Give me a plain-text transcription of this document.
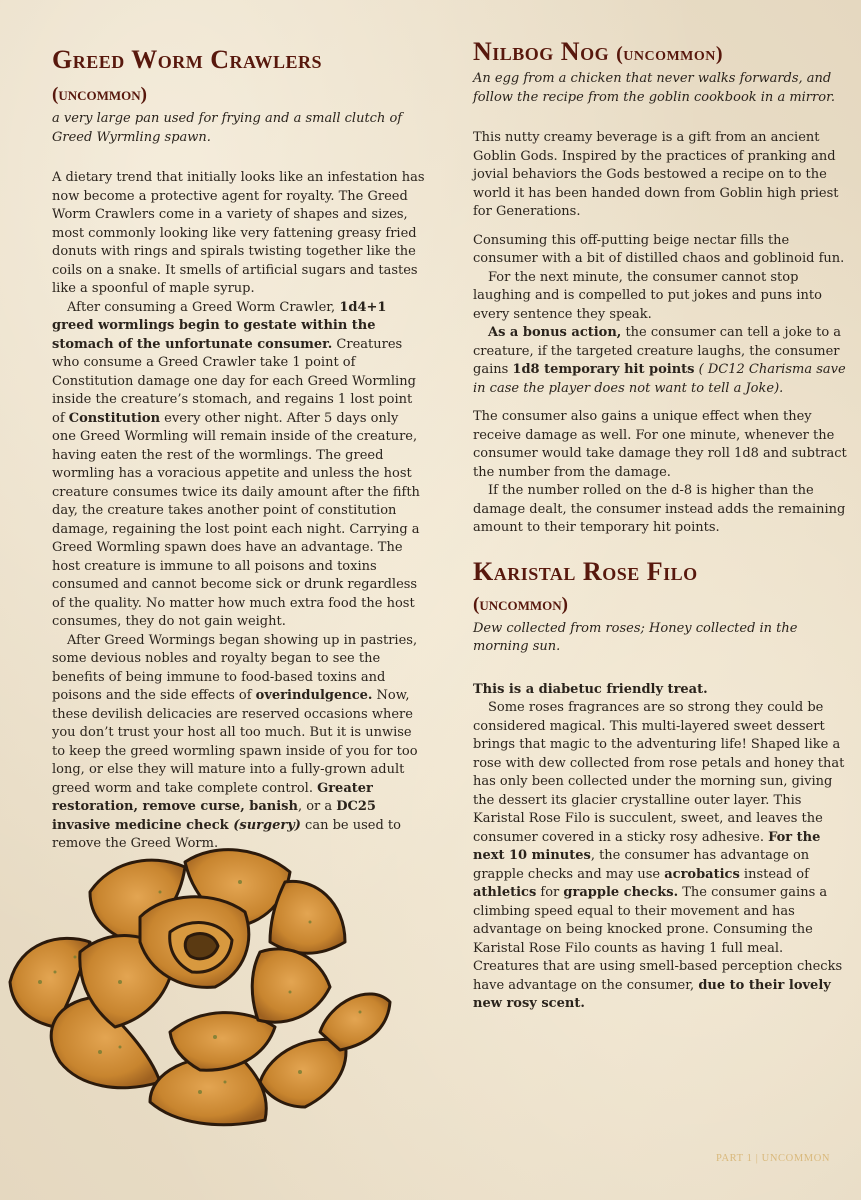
Greed Worm Crawlers
(uncommon)

a very large pan used for frying and a small clutch of Greed Wyrmling spawn.

A dietary trend that initially looks like an infestation has now become a protective agent for royalty. The Greed Worm Crawlers come in a variety of shapes and sizes, most commonly looking like very fattening greasy fried donuts with rings and spirals twisting together like the coils on a snake. It smells of artificial sugars and tastes like a spoonful of maple syrup.

After consuming a Greed Worm Crawler, 1d4+1 greed wormlings begin to gestate within the stomach of the unfortunate consumer. Creatures who consume a Greed Crawler take 1 point of Constitution damage one day for each Greed Wormling inside the creature’s stomach, and regains 1 lost point of Constitution every other night. After 5 days only one Greed Wormling will remain inside of the creature, having eaten the rest of the wormlings. The greed wormling has a voracious appetite and unless the host creature consumes twice its daily amount after the fifth day, the creature takes another point of constitution damage, regaining the lost point each night. Carrying a Greed Wormling spawn does have an advantage. The host creature is immune to all poisons and toxins consumed and cannot become sick or drunk regardless of the quality. No matter how much extra food the host consumes, they do not gain weight.

After Greed Wormings began showing up in pastries, some devious nobles and royalty began to see the benefits of being immune to food-based toxins and poisons and the side effects of overindulgence. Now, these devilish delicacies are reserved occasions where you don’t trust your host all too much. But it is unwise to keep the greed wormling spawn inside of you for too long, or else they will mature into a fully-grown adult greed worm and take complete control. Greater restoration, remove curse, banish, or a DC25 invasive medicine check (surgery) can be used to remove the Greed Worm.

Nilbog Nog (uncommon)

An egg from a chicken that never walks forwards, and follow the recipe from the goblin cookbook in a mirror.

This nutty creamy beverage is a gift from an ancient Goblin Gods. Inspired by the practices of pranking and jovial behaviors the Gods bestowed a recipe on to the world it has been handed down from Goblin high priest for Generations.

Consuming this off-putting beige nectar fills the consumer with a bit of distilled chaos and goblinoid fun.

For the next minute, the consumer cannot stop laughing and is compelled to put jokes and puns into every sentence they speak.

As a bonus action, the consumer can tell a joke to a creature, if the targeted creature laughs, the consumer gains 1d8 temporary hit points ( DC12 Charisma save in case the player does not want to tell a Joke).

The consumer also gains a unique effect when they receive damage as well. For one minute, whenever the consumer would take damage they roll 1d8 and subtract the number from the damage.

If the number rolled on the d-8 is higher than the damage dealt, the consumer instead adds the remaining amount to their temporary hit points.

Karistal Rose Filo
(uncommon)

Dew collected from roses; Honey collected in the morning sun.

This is a diabetuc friendly treat.

Some roses fragrances are so strong they could be considered magical. This multi-layered sweet dessert brings that magic to the adventuring life! Shaped like a rose with dew collected from rose petals and honey that has only been collected under the morning sun, giving the dessert its glacier crystalline outer layer. This Karistal Rose Filo is succulent, sweet, and leaves the consumer covered in a sticky rosy adhesive. For the next 10 minutes, the consumer has advantage on grapple checks and may use acrobatics instead of athletics for grapple checks. The consumer gains a climbing speed equal to their movement and has advantage on being knocked prone. Consuming the Karistal Rose Filo counts as having 1 full meal. Creatures that are using smell-based perception checks have advantage on the consumer, due to their lovely new rosy scent.

PART 1 | UNCOMMON
